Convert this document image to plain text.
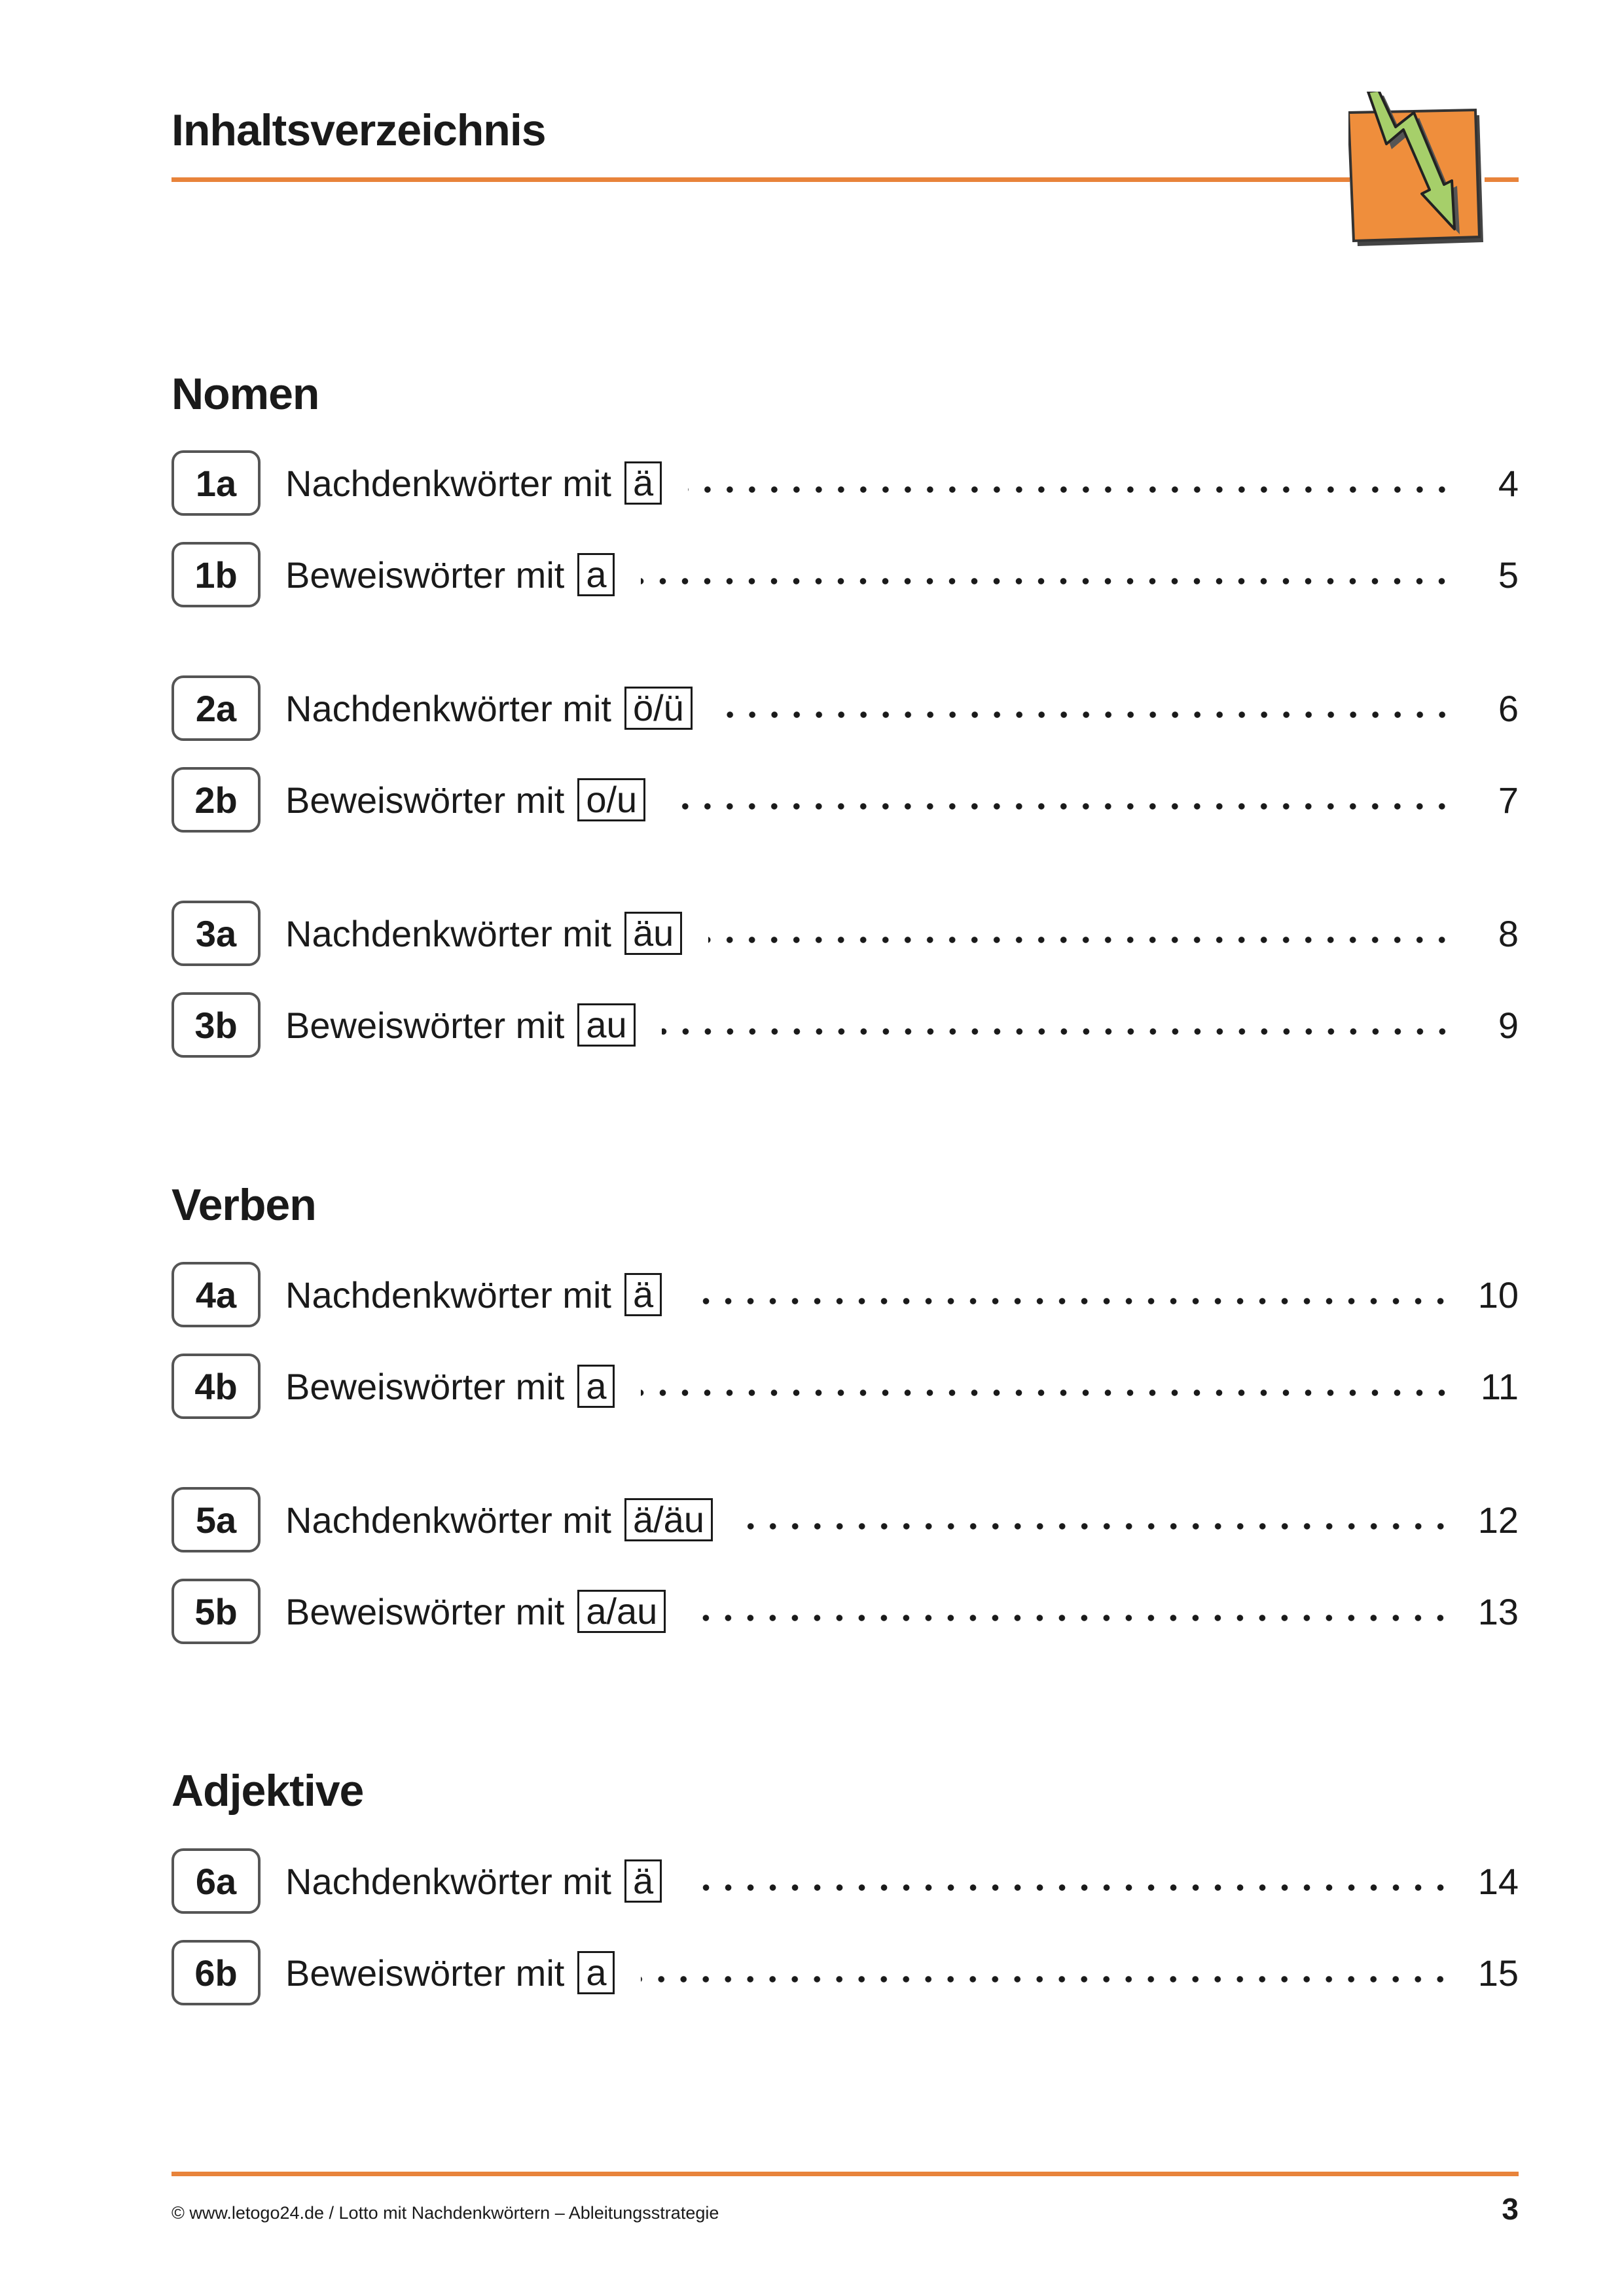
Inhaltsverzeichnis
Nomen
1a	Nachdenkwörter mit ä	4
1b	Beweiswörter mit a	5
2a	Nachdenkwörter mit ö/ü	6
2b	Beweiswörter mit o/u	7
3a	Nachdenkwörter mit äu	8
3b	Beweiswörter mit au	9
Verben
4a	Nachdenkwörter mit ä	10
4b	Beweiswörter mit a	11
5a	Nachdenkwörter mit ä/äu	12
5b	Beweiswörter mit a/au	13
Adjektive
6a	Nachdenkwörter mit ä	14
6b	Beweiswörter mit a	15
© www.letogo24.de / Lotto mit Nachdenkwörtern – Ableitungsstrategie	3
